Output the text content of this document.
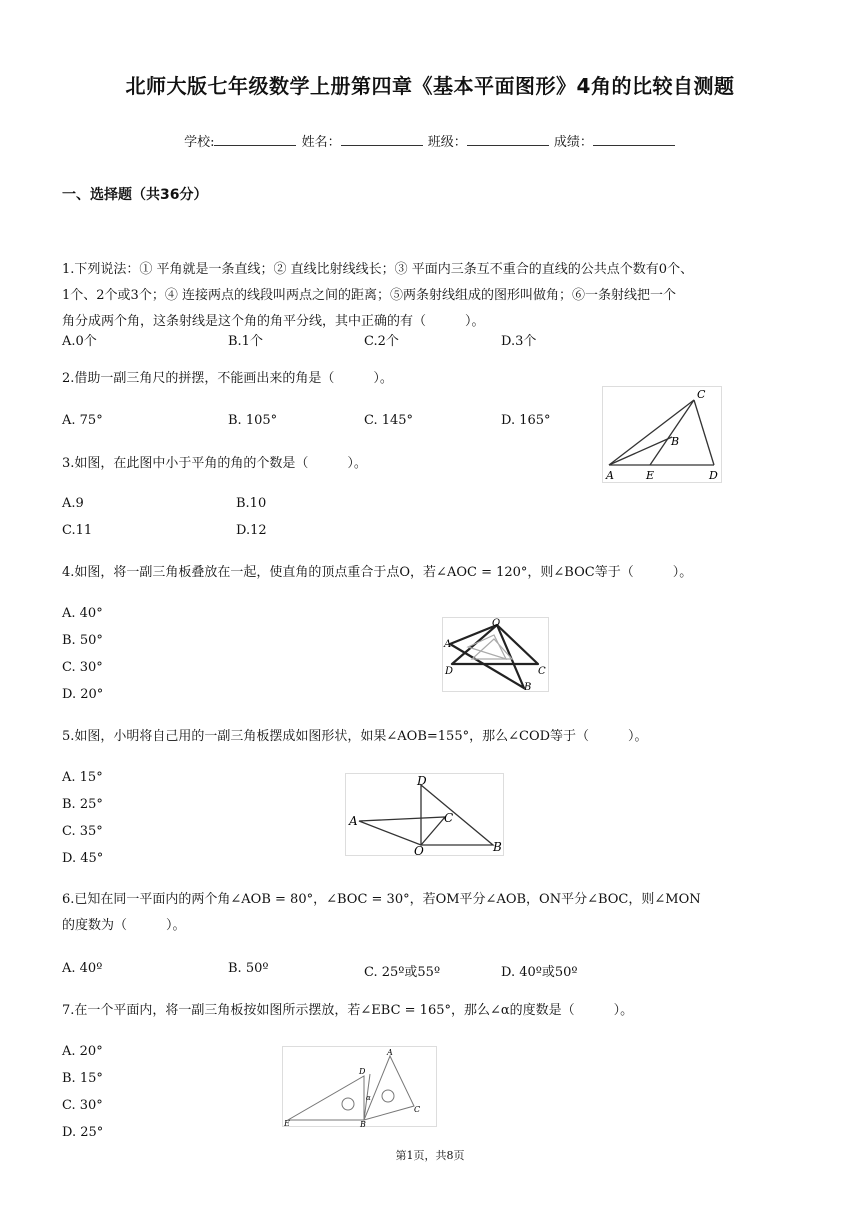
北师大版七年级数学上册第四章《基本平面图形》4角的比较自测题
学校:	姓名：	班级：	成绩：
一、选择题（共36分）
1.下列说法：① 平角就是一条直线；② 直线比射线线长；③ 平面内三条互不重合的直线的公共点个数有0个、
1个、2个或3个；④ 连接两点的线段叫两点之间的距离；⑤两条射线组成的图形叫做角；⑥一条射线把一个
角分成两个角，这条射线是这个角的角平分线，其中正确的有（　　　）。
A.0个	B.1个	C.2个	D.3个
2.借助一副三角尺的拼摆，不能画出来的角是（　　　）。
A. 75°	B. 105°	C. 145°	D. 165°
A	E	D
B
C
3.如图，在此图中小于平角的角的个数是（　　　）。
A.9	B.10
C.11	D.12
4.如图，将一副三角板叠放在一起，使直角的顶点重合于点O，若∠AOC = 120°，则∠BOC等于（　　　）。
A. 40°
B. 50°
C. 30°
D. 20°
A
O
D	C
B
5.如图，小明将自己用的一副三角板摆成如图形状，如果∠AOB=155°，那么∠COD等于（　　　）。
A. 15°
B. 25°
C. 35°
D. 45°
D
A	C
O	B
6.已知在同一平面内的两个角∠AOB = 80°，∠BOC = 30°，若OM平分∠AOB，ON平分∠BOC，则∠MON
的度数为（　　　）。
A. 40º	B. 50º	C. 25º或55º	D. 40º或50º
7.在一个平面内，将一副三角板按如图所示摆放，若∠EBC = 165°，那么∠α的度数是（　　　）。
A. 20°
B. 15°
C. 30°
D. 25°
A
D
α
E	B
C
第1页，共8页
